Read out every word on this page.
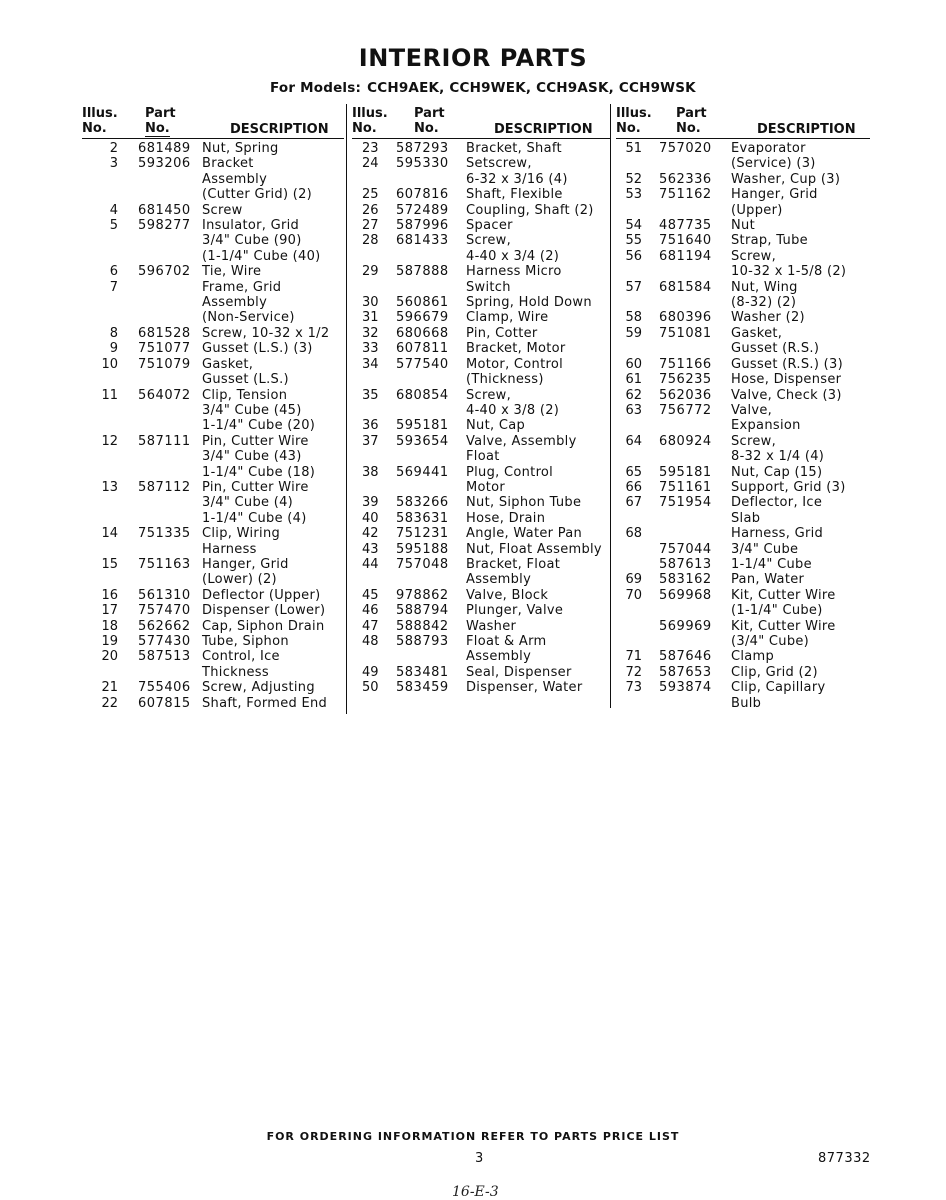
INTERIOR PARTS
For Models: CCH9AEK, CCH9WEK, CCH9ASK, CCH9WSK
Illus.

No.
Part

No.	DESCRIPTION
2	681489 Nut, Spring
3	593206 Bracket
Assembly
(Cutter Grid) (2)
4	681450 Screw
5	598277 Insulator, Grid
3/4" Cube (90)
(1-1/4" Cube (40)
6	596702 Tie, Wire
7	Frame, Grid
Assembly
(Non-Service)
8	681528 Screw, 10-32 x 1/2
9	751077 Gusset (L.S.) (3)
10	751079 Gasket,
Gusset (L.S.)
11	564072 Clip, Tension
3/4" Cube (45)
1-1/4" Cube (20)
12	587111 Pin, Cutter Wire
3/4" Cube (43)
1-1/4" Cube (18)
13	587112 Pin, Cutter Wire
3/4" Cube (4)
1-1/4" Cube (4)
14	751335 Clip, Wiring
Harness
15	751163 Hanger, Grid
(Lower) (2)
16	561310 Deflector (Upper)
17	757470 Dispenser (Lower)
18	562662 Cap, Siphon Drain
19	577430 Tube, Siphon
20	587513 Control, Ice
Thickness
21	755406 Screw, Adjusting
22	607815 Shaft, Formed End
Illus.

No.
Part

No.	DESCRIPTION
23	587293	Bracket, Shaft
24	595330	Setscrew,
6-32 x 3/16 (4)
25	607816	Shaft, Flexible
26	572489	Coupling, Shaft (2)
27	587996	Spacer
28	681433	Screw,
4-40 x 3/4 (2)
29	587888	Harness Micro
Switch
30	560861	Spring, Hold Down
31	596679	Clamp, Wire
32	680668	Pin, Cotter
33	607811	Bracket, Motor
34	577540	Motor, Control
(Thickness)
35	680854	Screw,
4-40 x 3/8 (2)
36	595181	Nut, Cap
37	593654	Valve, Assembly
Float
38	569441	Plug, Control
Motor
39	583266	Nut, Siphon Tube
40	583631	Hose, Drain
42	751231	Angle, Water Pan
43	595188	Nut, Float Assembly
44	757048	Bracket, Float
Assembly
45	978862	Valve, Block
46	588794	Plunger, Valve
47	588842	Washer
48	588793	Float & Arm
Assembly
49	583481	Seal, Dispenser
50	583459	Dispenser, Water
Illus.

No.
Part

No.	DESCRIPTION
51	757020	Evaporator
(Service) (3)
52	562336	Washer, Cup (3)
53	751162	Hanger, Grid
(Upper)
54	487735	Nut
55	751640	Strap, Tube
56	681194	Screw,
10-32 x 1-5/8 (2)
57	681584	Nut, Wing
(8-32) (2)
58	680396	Washer (2)
59	751081	Gasket,
Gusset (R.S.)
60	751166	Gusset (R.S.) (3)
61	756235	Hose, Dispenser
62	562036	Valve, Check (3)
63	756772	Valve,
Expansion
64	680924	Screw,
8-32 x 1/4 (4)
65	595181	Nut, Cap (15)
66	751161	Support, Grid (3)
67	751954	Deflector, Ice
Slab
68	Harness, Grid
757044	3/4" Cube
587613	1-1/4" Cube
69	583162	Pan, Water
70	569968	Kit, Cutter Wire
(1-1/4" Cube)
569969	Kit, Cutter Wire
(3/4" Cube)
71	587646	Clamp
72	587653	Clip, Grid (2)
73	593874	Clip, Capillary
Bulb
FOR ORDERING INFORMATION REFER TO PARTS PRICE LIST
3	877332
16-E-3
